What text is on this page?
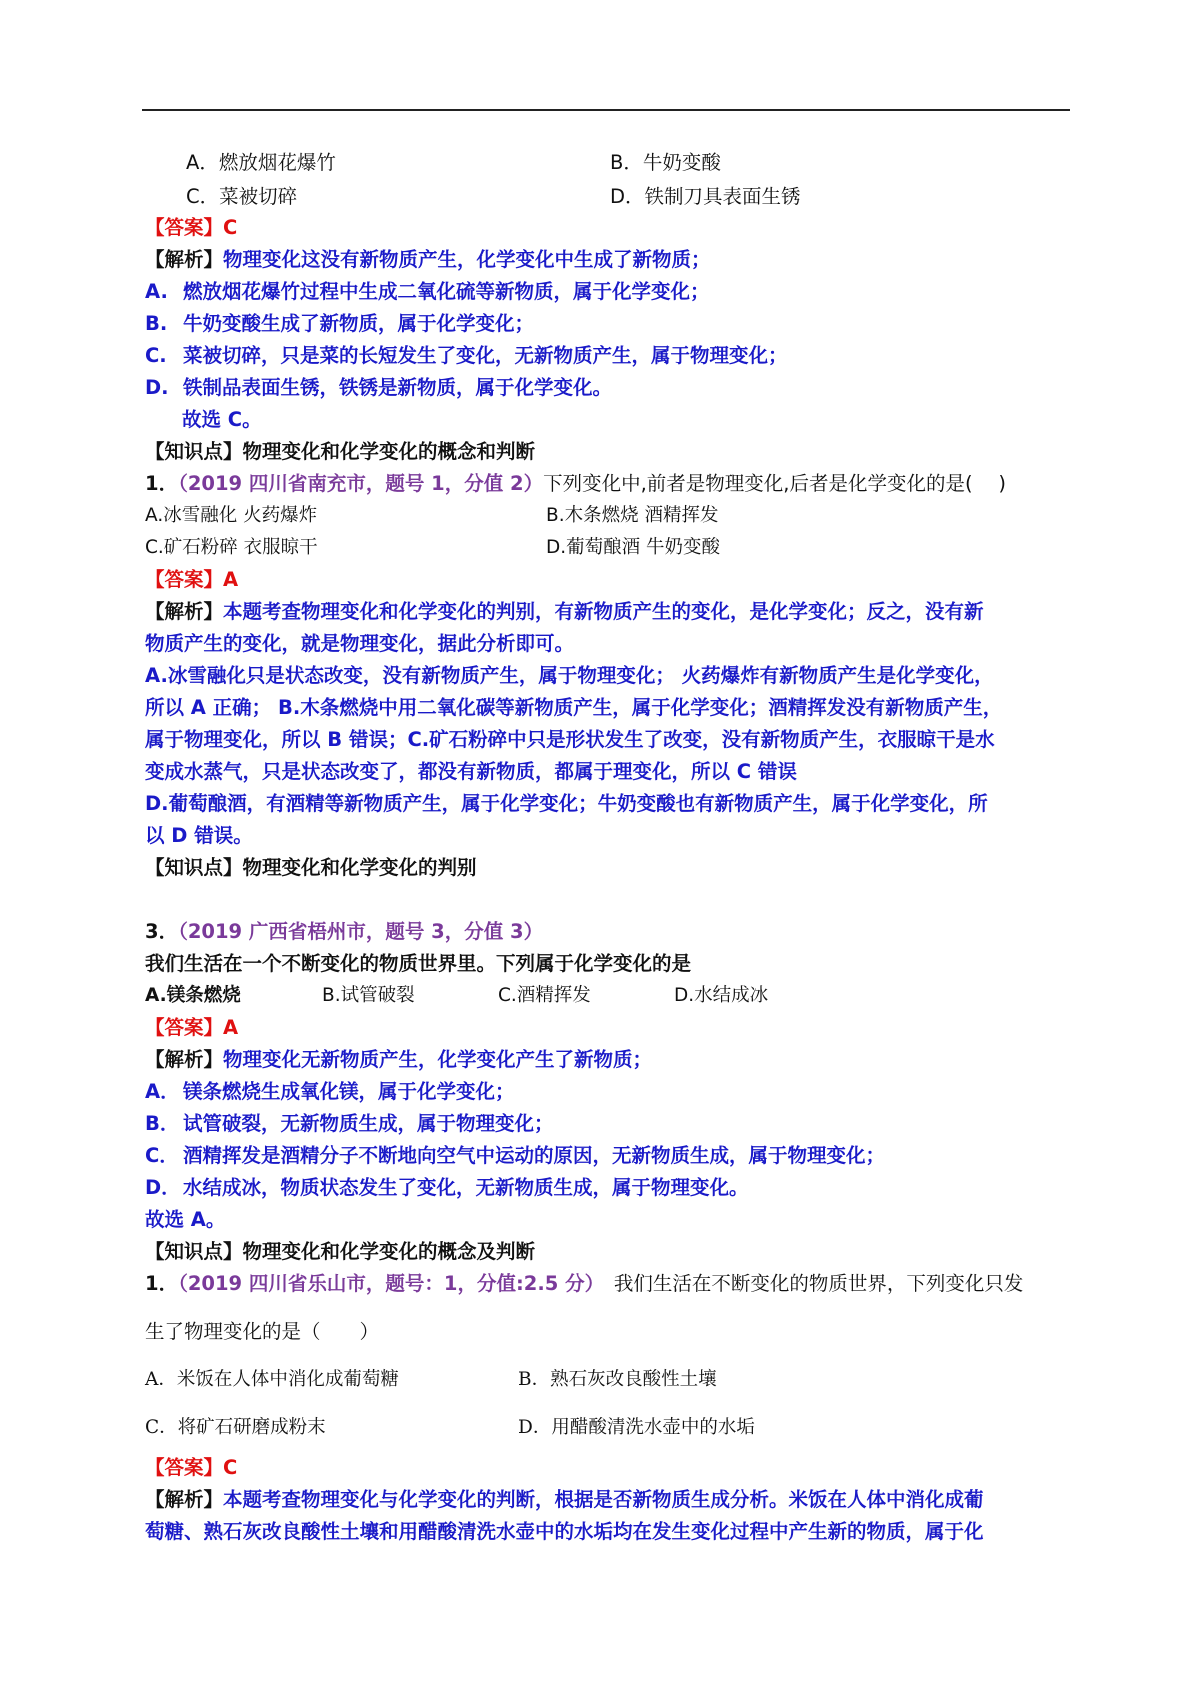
A．燃放烟花爆竹	B．牛奶变酸
C．菜被切碎	D．铁制刀具表面生锈
【答案】C
【解析】物理变化这没有新物质产生，化学变化中生成了新物质；
A. 燃放烟花爆竹过程中生成二氧化硫等新物质，属于化学变化；
B. 牛奶变酸生成了新物质，属于化学变化；
C. 菜被切碎，只是菜的长短发生了变化，无新物质产生，属于物理变化；
D. 铁制品表面生锈，铁锈是新物质，属于化学变化。
故选 C。
【知识点】物理变化和化学变化的概念和判断
1．（2019 四川省南充市，题号 1，分值 2）下列变化中,前者是物理变化,后者是化学变化的是(　 )
A.冰雪融化 火药爆炸	B.木条燃烧 酒精挥发
C.矿石粉碎 衣服晾干	D.葡萄酿酒 牛奶变酸
【答案】A
【解析】本题考查物理变化和化学变化的判别，有新物质产生的变化，是化学变化；反之，没有新
物质产生的变化，就是物理变化，据此分析即可。
A.冰雪融化只是状态改变，没有新物质产生，属于物理变化； 火药爆炸有新物质产生是化学变化，
所以 A 正确； B.木条燃烧中用二氧化碳等新物质产生，属于化学变化；酒精挥发没有新物质产生，
属于物理变化，所以 B 错误；C.矿石粉碎中只是形状发生了改变，没有新物质产生，衣服晾干是水
变成水蒸气，只是状态改变了，都没有新物质，都属于理变化，所以 C 错误
D.葡萄酿酒，有酒精等新物质产生，属于化学变化；牛奶变酸也有新物质产生，属于化学变化，所
以 D 错误。
【知识点】物理变化和化学变化的判别
3．（2019 广西省梧州市，题号 3，分值 3）
我们生活在一个不断变化的物质世界里。下列属于化学变化的是
A.镁条燃烧	B.试管破裂	C.酒精挥发	D.水结成冰
【答案】A
【解析】物理变化无新物质产生，化学变化产生了新物质；
A． 镁条燃烧生成氧化镁，属于化学变化；
B． 试管破裂，无新物质生成，属于物理变化；
C． 酒精挥发是酒精分子不断地向空气中运动的原因，无新物质生成，属于物理变化；
D． 水结成冰，物质状态发生了变化，无新物质生成，属于物理变化。
故选 A。
【知识点】物理变化和化学变化的概念及判断
1．（2019 四川省乐山市，题号：1，分值:2.5 分）　我们生活在不断变化的物质世界，下列变化只发
生了物理变化的是（　　）
A．米饭在人体中消化成葡萄糖	B．熟石灰改良酸性土壤
C．将矿石研磨成粉末	D．用醋酸清洗水壶中的水垢
【答案】C
【解析】本题考查物理变化与化学变化的判断，根据是否新物质生成分析。米饭在人体中消化成葡
萄糖、熟石灰改良酸性土壤和用醋酸清洗水壶中的水垢均在发生变化过程中产生新的物质，属于化
